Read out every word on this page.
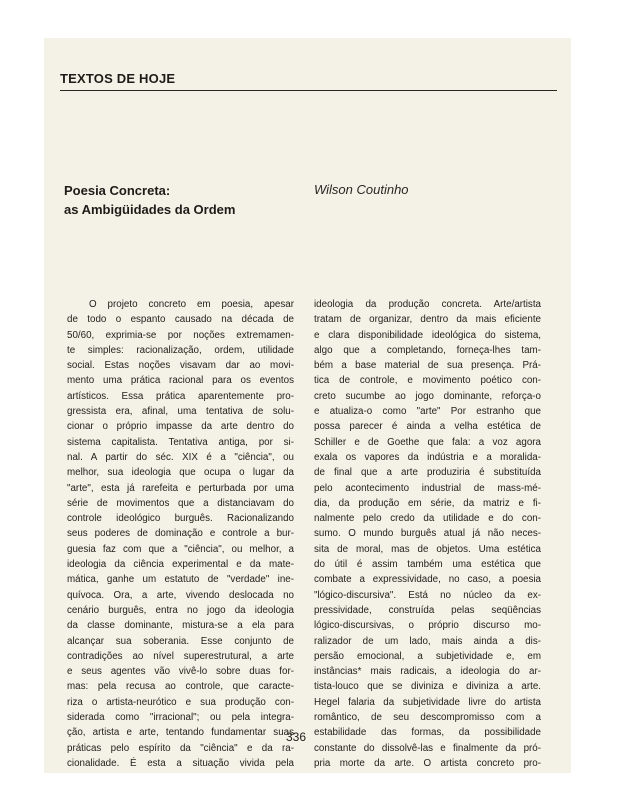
TEXTOS DE HOJE
Poesia Concreta:
as Ambigüidades da Ordem
Wilson Coutinho
O projeto concreto em poesia, apesar
de todo o espanto causado na década de
50/60, exprimia-se por noções extremamen-
te simples: racionalização, ordem, utilidade
social. Estas noções visavam dar ao movi-
mento uma prática racional para os eventos
artísticos. Essa prática aparentemente pro-
gressista era, afinal, uma tentativa de solu-
cionar o próprio impasse da arte dentro do
sistema capitalista. Tentativa antiga, por si-
nal. A partir do séc. XIX é a "ciência", ou
melhor, sua ideologia que ocupa o lugar da
"arte", esta já rarefeita e perturbada por uma
série de movimentos que a distanciavam do
controle ideológico burguês. Racionalizando
seus poderes de dominação e controle a bur-
guesia faz com que a "ciência", ou melhor, a
ideologia da ciência experimental e da mate-
mática, ganhe um estatuto de "verdade" ine-
quívoca. Ora, a arte, vivendo deslocada no
cenário burguês, entra no jogo da ideologia
da classe dominante, mistura-se a ela para
alcançar sua soberania. Esse conjunto de
contradições ao nível superestrutural, a arte
e seus agentes vão vivê-lo sobre duas for-
mas: pela recusa ao controle, que caracte-
riza o artista-neurótico e sua produção con-
siderada como "irracional"; ou pela integra-
ção, artista e arte, tentando fundamentar suas
práticas pelo espírito da "ciência" e da ra-
cionalidade. É esta a situação vivida pela
ideologia da produção concreta. Arte/artista
tratam de organizar, dentro da mais eficiente
e clara disponibilidade ideológica do sistema,
algo que a completando, forneça-lhes tam-
bém a base material de sua presença. Prá-
tica de controle, e movimento poético con-
creto sucumbe ao jogo dominante, reforça-o
e atualiza-o como "arte" Por estranho que
possa parecer é ainda a velha estética de
Schiller e de Goethe que fala: a voz agora
exala os vapores da indústria e a moralida-
de final que a arte produziria é substituída
pelo acontecimento industrial de mass-mé-
dia, da produção em série, da matriz e fi-
nalmente pelo credo da utilidade e do con-
sumo. O mundo burguês atual já não neces-
sita de moral, mas de objetos. Uma estética
do útil é assim também uma estética que
combate a expressividade, no caso, a poesia
"lógico-discursiva". Está no núcleo da ex-
pressividade, construída pelas seqüências
lógico-discursivas, o próprio discurso mo-
ralizador de um lado, mais ainda a dis-
persão emocional, a subjetividade e, em
instâncias* mais radicais, a ideologia do ar-
tista-louco que se diviniza e diviniza a arte.
Hegel falaria da subjetividade livre do artista
romântico, de seu descompromisso com a
estabilidade das formas, da possibilidade
constante do dissolvê-las e finalmente da pró-
pria morte da arte. O artista concreto pro-
336
